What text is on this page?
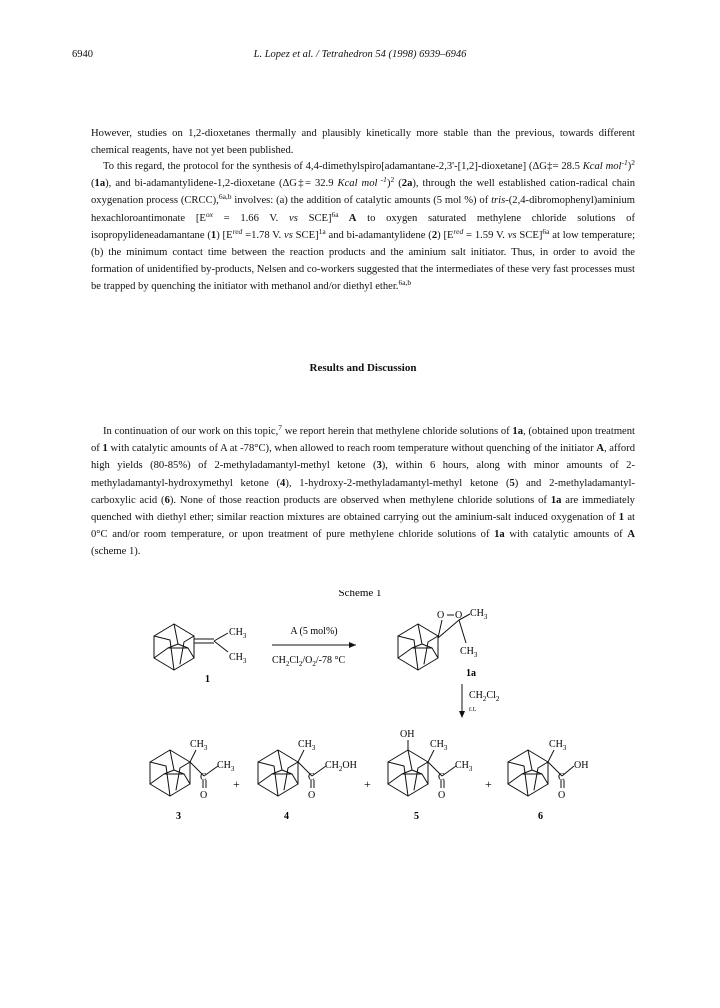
6940	L. Lopez et al. / Tetrahedron 54 (1998) 6939–6946

However, studies on 1,2-dioxetanes thermally and plausibly kinetically more stable than the previous, towards different chemical reagents, have not yet been published.

To this regard, the protocol for the synthesis of 4,4-dimethylspiro[adamantane-2,3'-[1,2]-dioxetane] (ΔG‡= 28.5 Kcal mol$^{-1}$)$^2$ (1a), and bi-adamantylidene-1,2-dioxetane (ΔG‡= 32.9 Kcal mol $^{-1}$)$^2$ (2a), through the well established cation-radical chain oxygenation process (CRCC),$^{6a,b}$ involves: (a) the addition of catalytic amounts (5 mol %) of tris-(2,4-dibromophenyl)aminium hexachloroantimonate [$E^{ox} = 1.66$ V. vs SCE]$^{6a}$ A to oxygen saturated methylene chloride solutions of isopropylideneadamantane (1) [$E^{red} =1.78$ V. vs SCE]$^{1a}$ and bi-adamantylidene (2) [$E^{red} = 1.59$ V. vs SCE]$^{6a}$ at low temperature; (b) the minimum contact time between the reaction products and the aminium salt initiator. Thus, in order to avoid the formation of unidentified by-products, Nelsen and co-workers suggested that the intermediates of these very fast processes must be trapped by quenching the initiator with methanol and/or diethyl ether.$^{6a,b}$

Results and Discussion

In continuation of our work on this topic,$^7$ we report herein that methylene chloride solutions of 1a, (obtained upon treatment of 1 with catalytic amounts of A at -78°C), when allowed to reach room temperature without quenching of the initiator A, afford high yields (80-85%) of 2-methyladamantyl-methyl ketone (3), within 6 hours, along with minor amounts of 2-methyladamantyl-hydroxymethyl ketone (4), 1-hydroxy-2-methyladamantyl-methyl ketone (5) and 2-methyladamantyl-carboxylic acid (6). None of those reaction products are observed when methylene chloride solutions of 1a are immediately quenched with diethyl ether; similar reaction mixtures are obtained carrying out the aminium-salt induced oxygenation of 1 at 0°C and/or room temperature, or upon treatment of pure methylene chloride solutions of 1a with catalytic amounts of A (scheme 1).

Scheme 1
$CH_3$
$CH_3$
1
A (5 mol%)
$CH_2Cl_2/O_2/-78$ °C
O O $CH_3$
$CH_3$
1a
$CH_2Cl_2$
r.t.
$CH_3$
$CH_3$
C
O
+
3
$CH_3$
$CH_2OH$
C
O
+
4
OH
$CH_3$
$CH_3$
C
O
+
5
$CH_3$
OH
C
O
6
